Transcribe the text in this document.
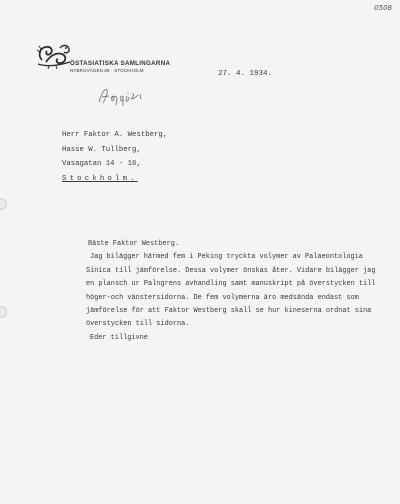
0508
ÖSTASIATISKA SAMLINGARNA
NYBROVÄGEN 68 · STOCKHOLM	27. 4. 1934.
Herr Faktor A. Westberg,
Hasse W. Tullberg,
Vasagatan 14 - 16,
Stockholm.
Bäste Faktor Westberg.
Jag bilägger härmed fem i Peking tryckta volymer av Palaeontologia
Sinica till jämförelse. Dessa volymer önskas åter. Vidare bilägger jag
en plansch ur Palngrens avhandling samt manuskript på överstycken till
höger-och vänstersidorna. De fem volymerna äro medsända endast som
jämförelse för att Faktor Westberg skall se hur kineserna ordnat sina
överstycken till sidorna.
Eder tillgivne
